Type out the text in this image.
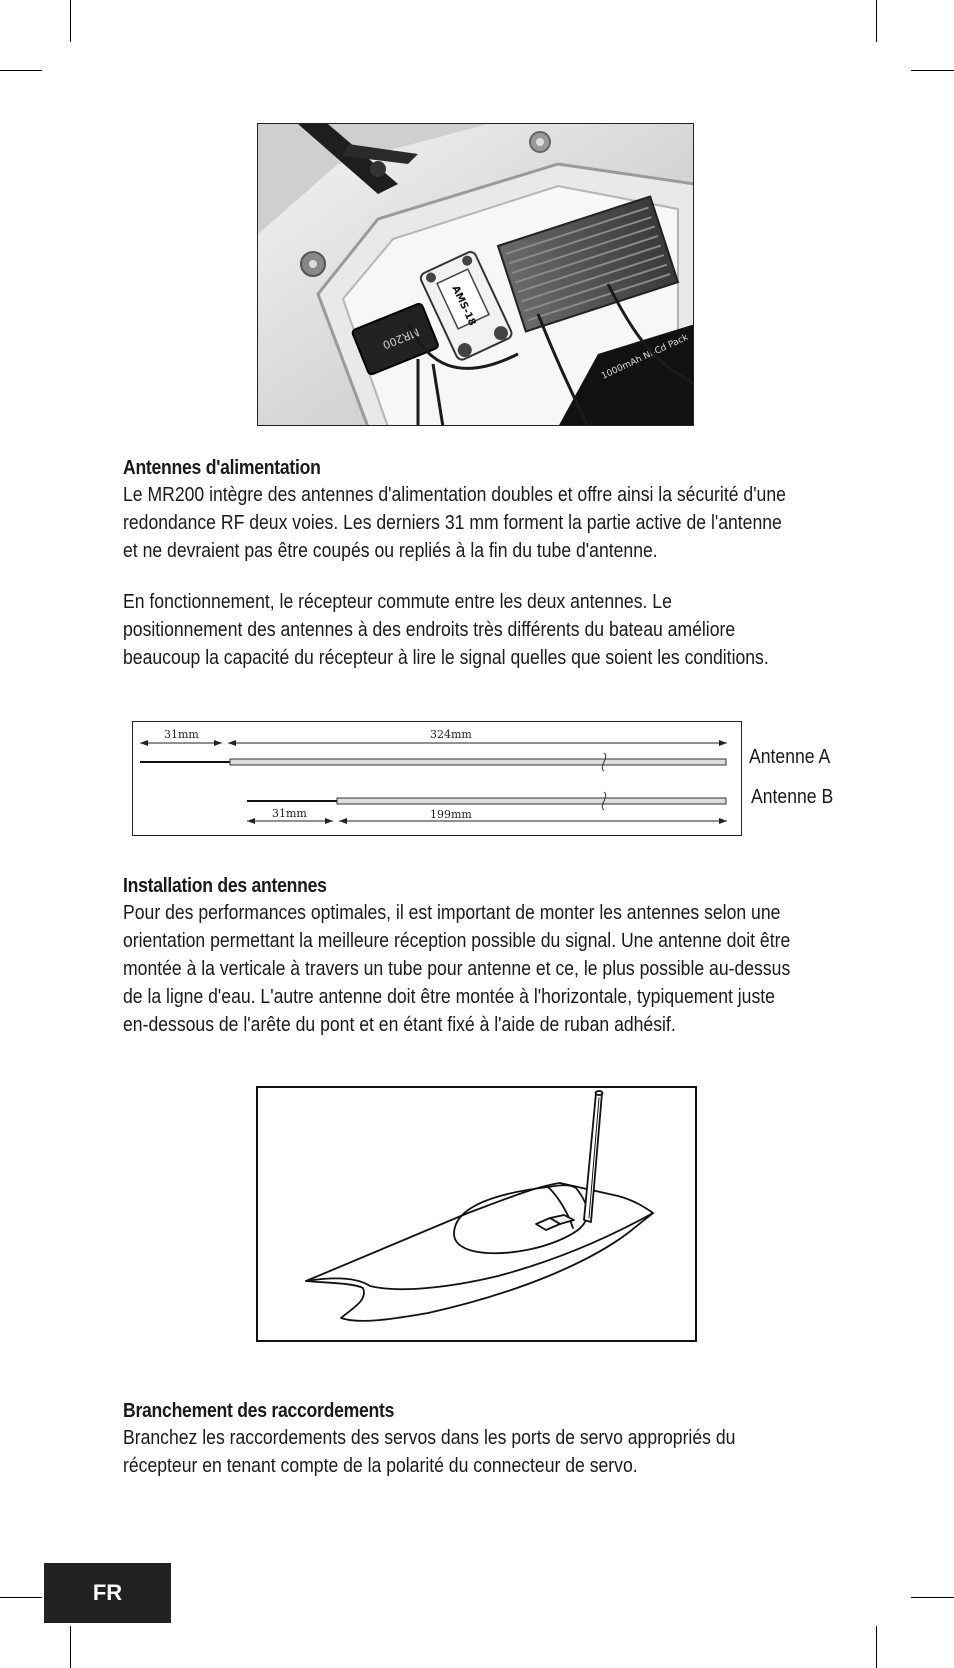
1000mAh Ni-Cd Pack
AMS-18
MR200
Antennes d'alimentation

Le MR200 intègre des antennes d'alimentation doubles et offre ainsi la sécurité d'une redondance RF deux voies. Les derniers 31 mm forment la partie active de l'antenne et ne devraient pas être coupés ou repliés à la fin du tube d'antenne.

En fonctionnement, le récepteur commute entre les deux antennes. Le positionnement des antennes à des endroits très différents du bateau améliore beaucoup la capacité du récepteur à lire le signal quelles que soient les conditions.

31mm	324mm
31mm	199mm
Antenne A
Antenne B
Installation des antennes

Pour des performances optimales, il est important de monter les antennes selon une orientation permettant la meilleure réception possible du signal. Une antenne doit être montée à la verticale à travers un tube pour antenne et ce, le plus possible au-dessus de la ligne d'eau. L'autre antenne doit être montée à l'horizontale, typiquement juste en-dessous de l'arête du pont et en étant fixé à l'aide de ruban adhésif.

Branchement des raccordements

Branchez les raccordements des servos dans les ports de servo appropriés du récepteur en tenant compte de la polarité du connecteur de servo.

FR
